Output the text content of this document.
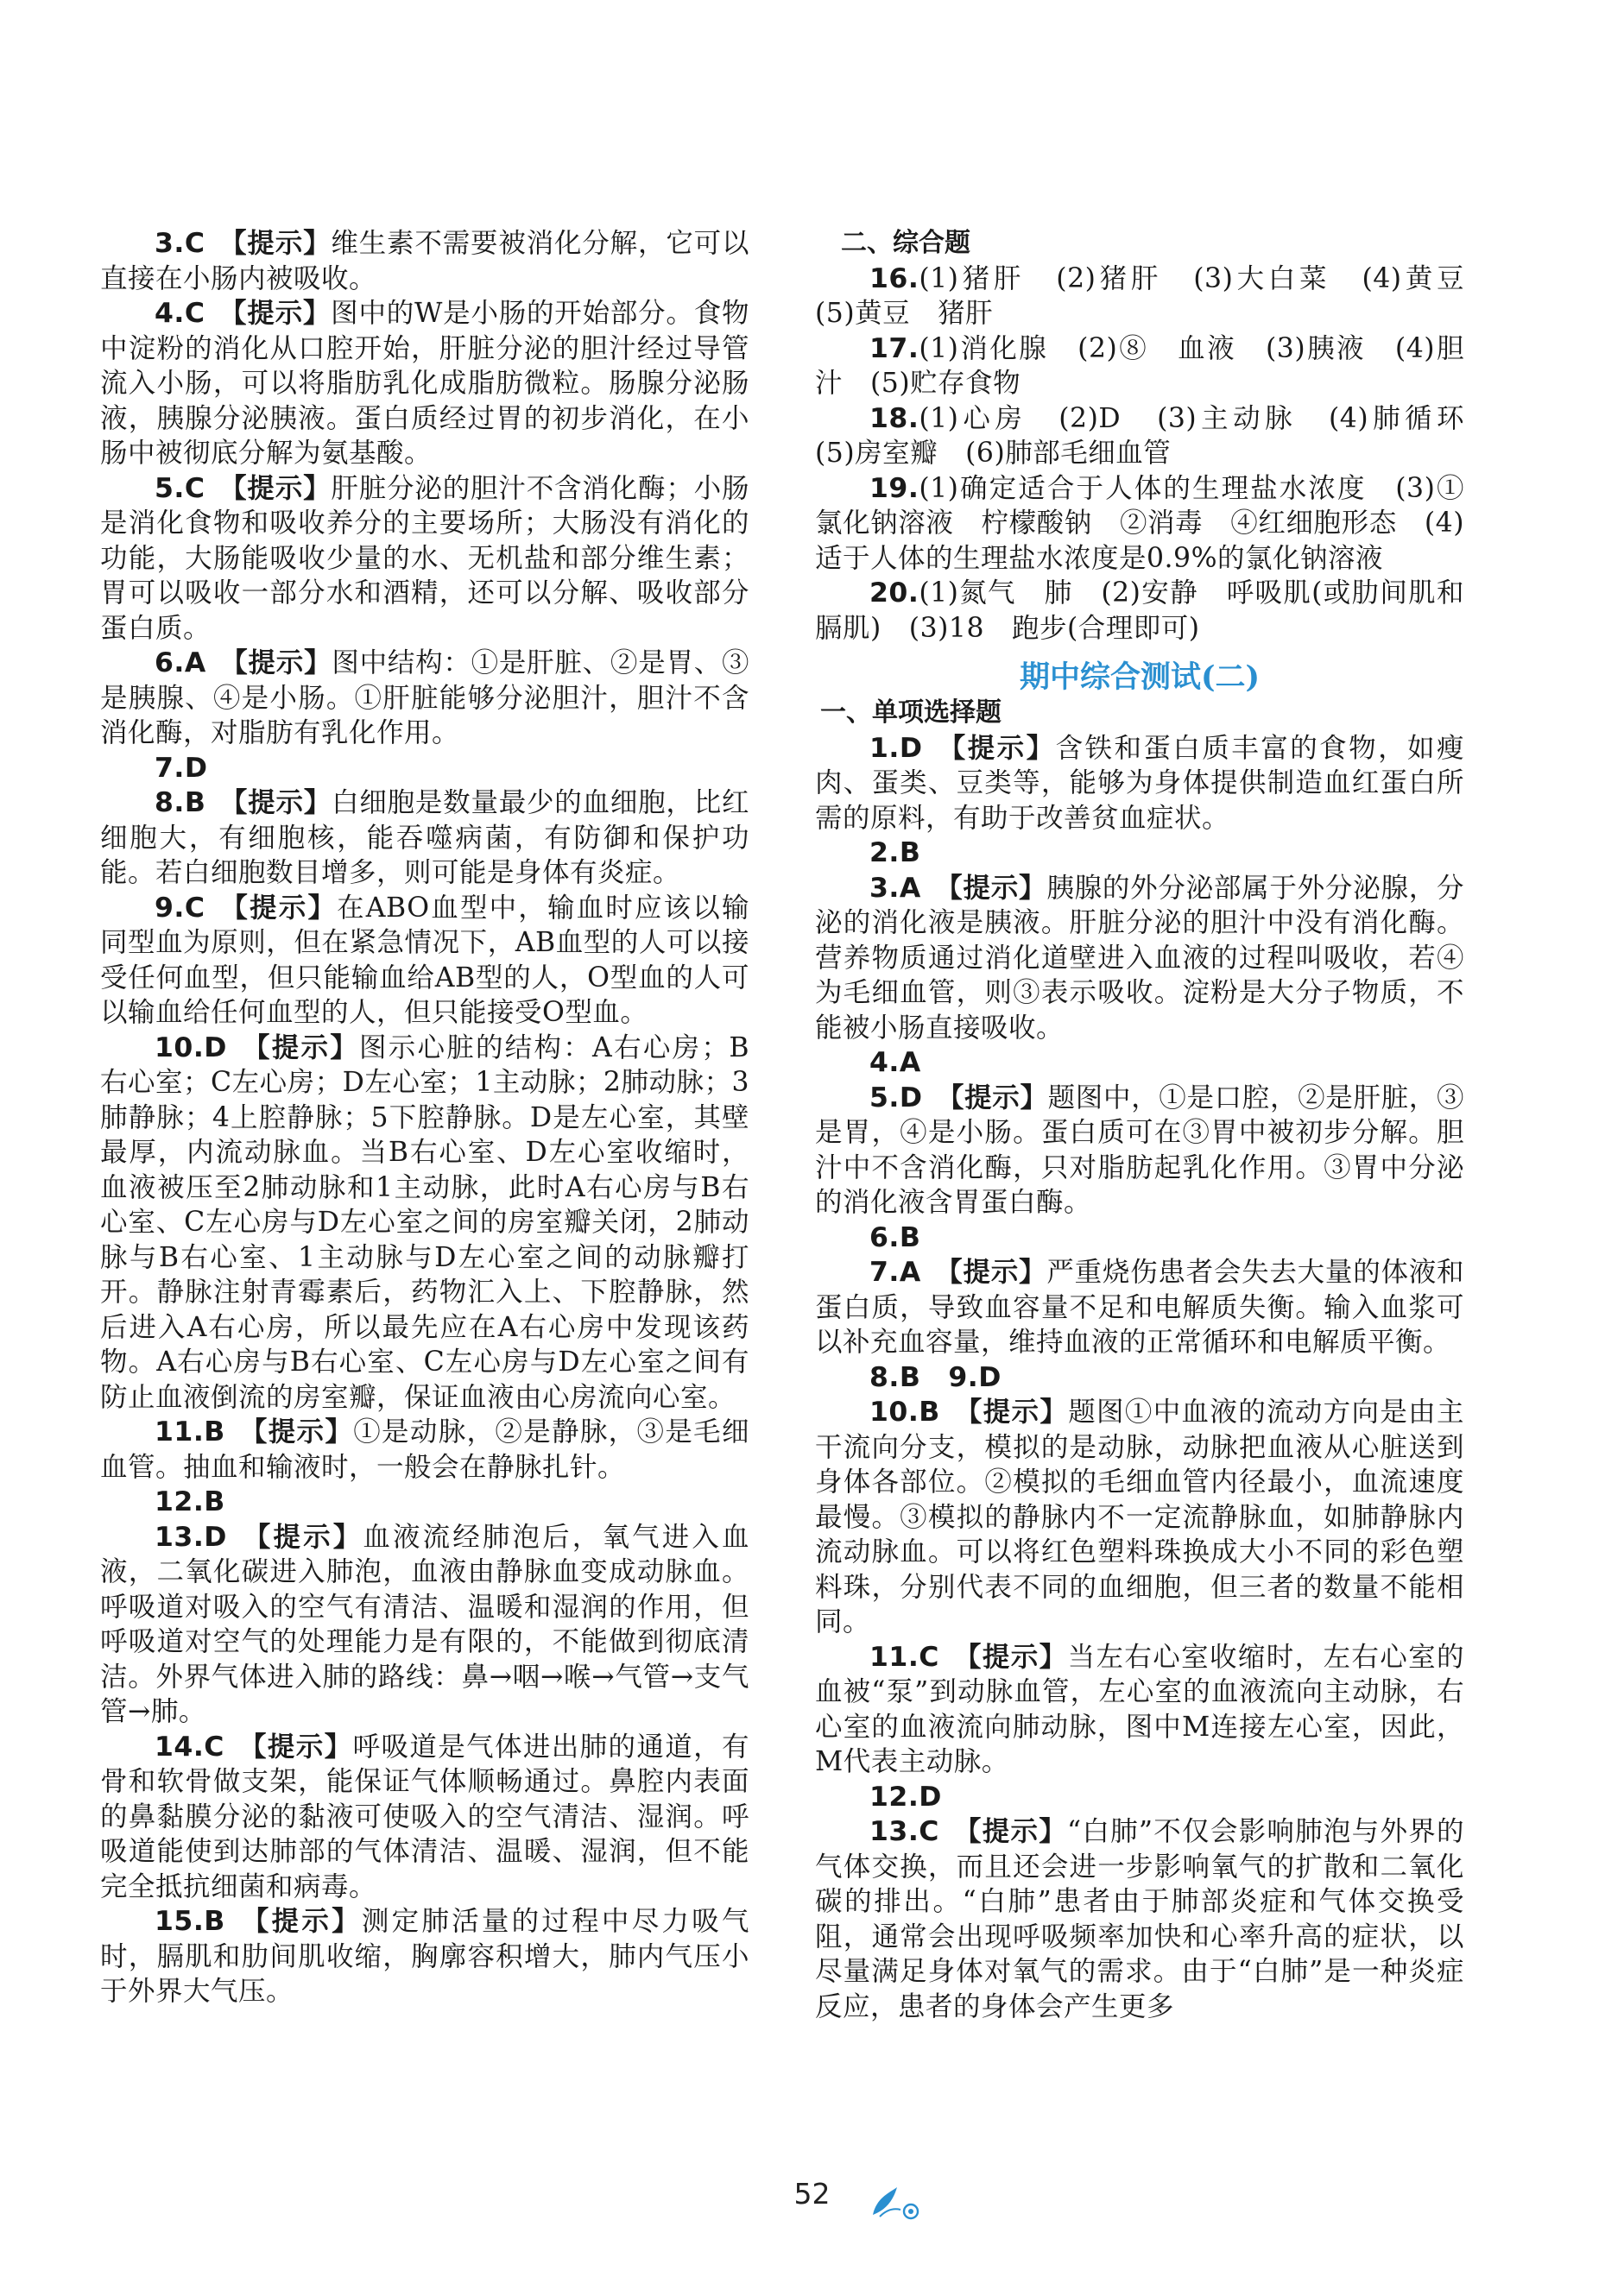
3.C  【提示】维生素不需要被消化分解，它可以直接在小肠内被吸收。

4.C  【提示】图中的W是小肠的开始部分。食物中淀粉的消化从口腔开始，肝脏分泌的胆汁经过导管流入小肠，可以将脂肪乳化成脂肪微粒。肠腺分泌肠液，胰腺分泌胰液。蛋白质经过胃的初步消化，在小肠中被彻底分解为氨基酸。

5.C  【提示】肝脏分泌的胆汁不含消化酶；小肠是消化食物和吸收养分的主要场所；大肠没有消化的功能，大肠能吸收少量的水、无机盐和部分维生素；胃可以吸收一部分水和酒精，还可以分解、吸收部分蛋白质。

6.A  【提示】图中结构：①是肝脏、②是胃、③是胰腺、④是小肠。①肝脏能够分泌胆汁，胆汁不含消化酶，对脂肪有乳化作用。

7.D

8.B  【提示】白细胞是数量最少的血细胞，比红细胞大，有细胞核，能吞噬病菌，有防御和保护功能。若白细胞数目增多，则可能是身体有炎症。

9.C  【提示】在ABO血型中，输血时应该以输同型血为原则，但在紧急情况下，AB血型的人可以接受任何血型，但只能输血给AB型的人，O型血的人可以输血给任何血型的人，但只能接受O型血。

10.D  【提示】图示心脏的结构：A右心房；B右心室；C左心房；D左心室；1主动脉；2肺动脉；3肺静脉；4上腔静脉；5下腔静脉。D是左心室，其壁最厚，内流动脉血。当B右心室、D左心室收缩时，血液被压至2肺动脉和1主动脉，此时A右心房与B右心室、C左心房与D左心室之间的房室瓣关闭，2肺动脉与B右心室、1主动脉与D左心室之间的动脉瓣打开。静脉注射青霉素后，药物汇入上、下腔静脉，然后进入A右心房，所以最先应在A右心房中发现该药物。A右心房与B右心室、C左心房与D左心室之间有防止血液倒流的房室瓣，保证血液由心房流向心室。

11.B  【提示】①是动脉，②是静脉，③是毛细血管。抽血和输液时，一般会在静脉扎针。

12.B

13.D  【提示】血液流经肺泡后，氧气进入血液，二氧化碳进入肺泡，血液由静脉血变成动脉血。呼吸道对吸入的空气有清洁、温暖和湿润的作用，但呼吸道对空气的处理能力是有限的，不能做到彻底清洁。外界气体进入肺的路线：鼻→咽→喉→气管→支气管→肺。

14.C  【提示】呼吸道是气体进出肺的通道，有骨和软骨做支架，能保证气体顺畅通过。鼻腔内表面的鼻黏膜分泌的黏液可使吸入的空气清洁、湿润。呼吸道能使到达肺部的气体清洁、温暖、湿润，但不能完全抵抗细菌和病毒。

15.B  【提示】测定肺活量的过程中尽力吸气时，膈肌和肋间肌收缩，胸廓容积增大，肺内气压小于外界大气压。

二、综合题

16.(1)猪肝　(2)猪肝　(3)大白菜　(4)黄豆　(5)黄豆　猪肝

17.(1)消化腺　(2)⑧　血液　(3)胰液　(4)胆汁　(5)贮存食物

18.(1)心房　(2)D　(3)主动脉　(4)肺循环　(5)房室瓣　(6)肺部毛细血管

19.(1)确定适合于人体的生理盐水浓度　(3)①氯化钠溶液　柠檬酸钠　②消毒　④红细胞形态　(4)适于人体的生理盐水浓度是0.9%的氯化钠溶液

20.(1)氮气　肺　(2)安静　呼吸肌(或肋间肌和膈肌)　(3)18　跑步(合理即可)

期中综合测试(二)

一、单项选择题

1.D  【提示】含铁和蛋白质丰富的食物，如瘦肉、蛋类、豆类等，能够为身体提供制造血红蛋白所需的原料，有助于改善贫血症状。

2.B

3.A  【提示】胰腺的外分泌部属于外分泌腺，分泌的消化液是胰液。肝脏分泌的胆汁中没有消化酶。营养物质通过消化道壁进入血液的过程叫吸收，若④为毛细血管，则③表示吸收。淀粉是大分子物质，不能被小肠直接吸收。

4.A

5.D  【提示】题图中，①是口腔，②是肝脏，③是胃，④是小肠。蛋白质可在③胃中被初步分解。胆汁中不含消化酶，只对脂肪起乳化作用。③胃中分泌的消化液含胃蛋白酶。

6.B

7.A  【提示】严重烧伤患者会失去大量的体液和蛋白质，导致血容量不足和电解质失衡。输入血浆可以补充血容量，维持血液的正常循环和电解质平衡。

8.B　9.D

10.B  【提示】题图①中血液的流动方向是由主干流向分支，模拟的是动脉，动脉把血液从心脏送到身体各部位。②模拟的毛细血管内径最小，血流速度最慢。③模拟的静脉内不一定流静脉血，如肺静脉内流动脉血。可以将红色塑料珠换成大小不同的彩色塑料珠，分别代表不同的血细胞，但三者的数量不能相同。

11.C  【提示】当左右心室收缩时，左右心室的血被“泵”到动脉血管，左心室的血液流向主动脉，右心室的血液流向肺动脉，图中M连接左心室，因此，M代表主动脉。

12.D

13.C  【提示】“白肺”不仅会影响肺泡与外界的气体交换，而且还会进一步影响氧气的扩散和二氧化碳的排出。“白肺”患者由于肺部炎症和气体交换受阻，通常会出现呼吸频率加快和心率升高的症状，以尽量满足身体对氧气的需求。由于“白肺”是一种炎症反应，患者的身体会产生更多

52
